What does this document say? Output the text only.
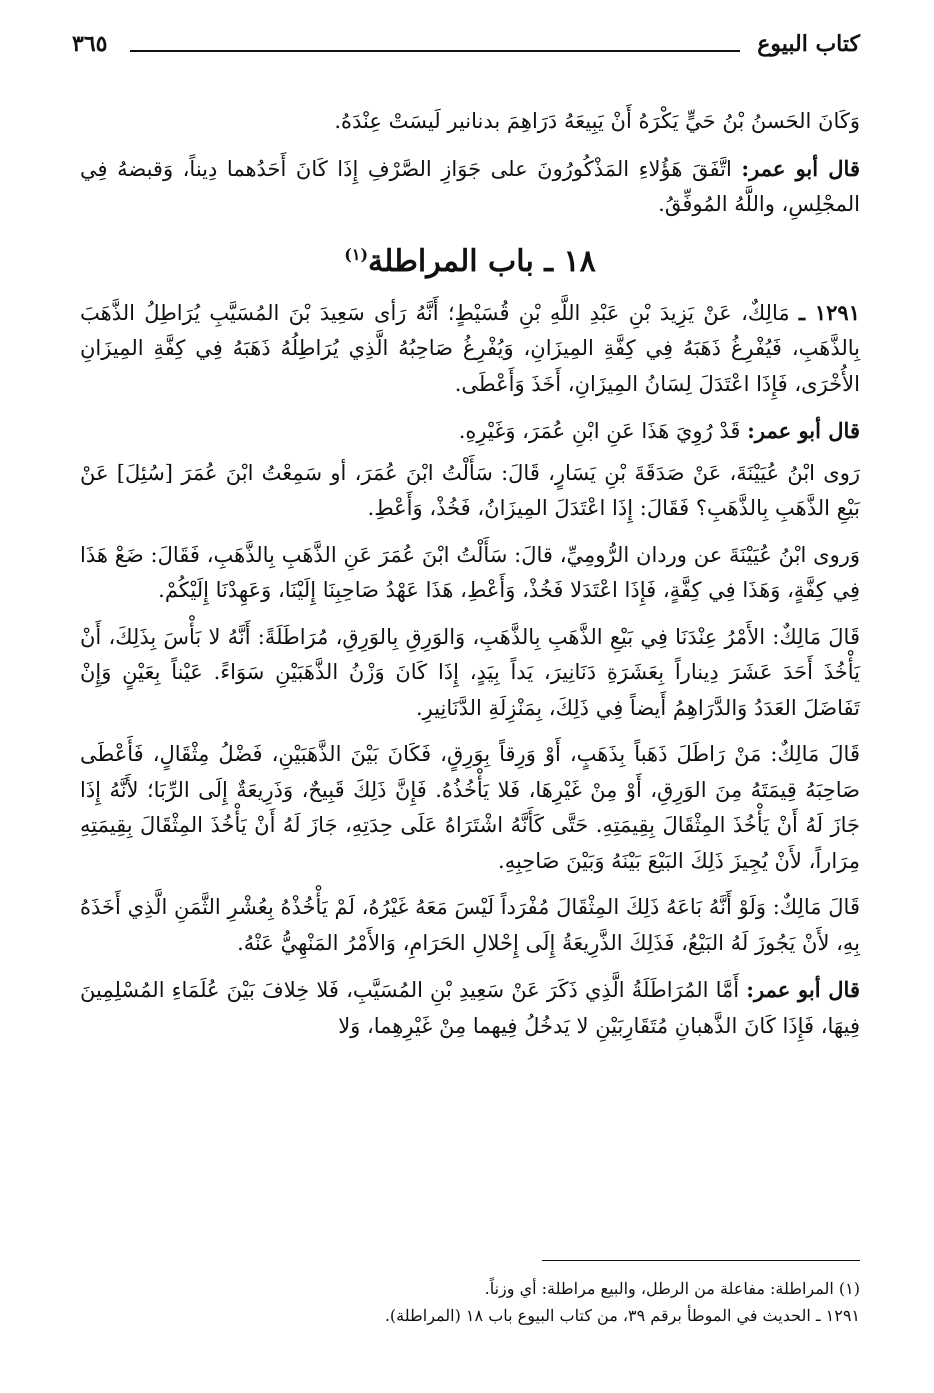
كتاب البيوع
٣٦٥

وَكَانَ الحَسنُ بْنُ حَيٍّ يَكْرَهُ أَنْ يَبِيعَهُ دَرَاهِمَ بدنانير لَيسَتْ عِنْدَهُ.

قال أبو عمر: اتَّفَقَ هَؤُلاءِ المَذْكُورُونَ على جَوَازِ الصَّرْفِ إِذَا كَانَ أَحَدُهما دِيناً، وَقبضهُ فِي المجْلِسِ، واللَّهُ المُوفِّقُ.

١٨ ـ باب المراطلة$^{(١)}$

١٢٩١ ـ مَالِكٌ، عَنْ يَزِيدَ بْنِ عَبْدِ اللَّهِ بْنِ قُسَيْطٍ؛ أَنَّهُ رَأى سَعِيدَ بْنَ المُسَيَّبِ يُرَاطِلُ الذَّهَبَ بِالذَّهَبِ، فَيُفْرِغُ ذَهَبَهُ فِي كِفَّةِ المِيزَانِ، وَيُفْرِغُ صَاحِبُهُ الَّذِي يُرَاطِلُهُ ذَهَبَهُ فِي كِفَّةِ المِيزَانِ الأُخْرَى، فَإِذَا اعْتَدَلَ لِسَانُ المِيزَانِ، أَخَذَ وَأَعْطَى.

قال أبو عمر: قَدْ رُوِيَ هَذَا عَنِ ابْنِ عُمَرَ، وَغَيْرِهِ.

رَوى ابْنُ عُيَيْنَةَ، عَنْ صَدَقَةَ بْنِ يَسَارٍ، قَالَ: سَأَلْتُ ابْنَ عُمَرَ، أو سَمِعْتُ ابْنَ عُمَرَ [سُئِلَ] عَنْ بَيْعِ الذَّهَبِ بِالذَّهَبِ؟ فَقَالَ: إِذَا اعْتَدَلَ المِيزَانُ، فَخُذْ، وَأَعْطِ.

وَروى ابْنُ عُيَيْنَةَ عن وردان الرُّومِيِّ، قالَ: سَأَلْتُ ابْنَ عُمَرَ عَنِ الذَّهَبِ بِالذَّهَبِ، فَقَالَ: ضَعْ هَذَا فِي كِفَّةٍ، وَهَذَا فِي كِفَّةٍ، فَإِذَا اعْتَدَلا فَخُذْ، وَأَعْطِ، هَذَا عَهْدُ صَاحِبِنَا إِلَيْنَا، وَعَهِدْنَا إِلَيْكُمْ.

قَالَ مَالِكٌ: الأَمْرُ عِنْدَنَا فِي بَيْعِ الذَّهَبِ بِالذَّهَبِ، وَالوَرِقِ بِالوَرِقِ، مُرَاطَلَةً: أَنَّهُ لا بَأْسَ بِذَلِكَ، أَنْ يَأْخُذَ أَحَدَ عَشَرَ دِيناراً بِعَشَرَةِ دَنَانِيرَ، يَداً بِيَدٍ، إِذَا كَانَ وَزْنُ الذَّهَبَيْنِ سَوَاءً. عَيْناً بِعَيْنٍ وَإِنْ تَفَاضَلَ العَدَدُ وَالدَّرَاهِمُ أَيضاً فِي ذَلِكَ، بِمَنْزِلَةِ الدَّنَانِيرِ.

قَالَ مَالِكٌ: مَنْ رَاطَلَ ذَهَباً بِذَهَبٍ، أَوْ وَرِقاً بِوَرِقٍ، فَكَانَ بَيْنَ الذَّهَبَيْنِ، فَضْلُ مِثْقَالٍ، فَأَعْطَى صَاحِبَهُ قِيمَتَهُ مِنَ الوَرِقِ، أَوْ مِنْ غَيْرِهَا، فَلا يَأْخُذُهُ. فَإِنَّ ذَلِكَ قَبِيحٌ، وَذَرِيعَةٌ إِلَى الرِّبَا؛ لأَنَّهُ إِذَا جَازَ لَهُ أَنْ يَأْخُذَ المِثْقَالَ بِقِيمَتِهِ. حَتَّى كَأَنَّهُ اشْتَرَاهُ عَلَى حِدَتِهِ، جَازَ لَهُ أَنْ يَأْخُذَ المِثْقَالَ بِقِيمَتِهِ مِرَاراً، لأَنْ يُجِيزَ ذَلِكَ البَيْعَ بَيْنَهُ وَبَيْنَ صَاحِبِهِ.

قَالَ مَالِكٌ: وَلَوْ أَنَّهُ بَاعَهُ ذَلِكَ المِثْقَالَ مُفْرَداً لَيْسَ مَعَهُ غَيْرُهُ، لَمْ يَأْخُذْهُ بِعُشْرِ الثَّمَنِ الَّذِي أَخَذَهُ بِهِ، لأَنْ يَجُوزَ لَهُ البَيْعُ، فَذَلِكَ الذَّرِيعَةُ إِلَى إِحْلالِ الحَرَامِ، وَالأَمْرُ المَنْهِيُّ عَنْهُ.

قال أبو عمر: أَمَّا المُرَاطَلَةُ الَّذِي ذَكَرَ عَنْ سَعِيدِ بْنِ المُسَيَّبِ، فَلا خِلافَ بَيْنَ عُلَمَاءِ المُسْلِمِينَ فِيهَا، فَإِذَا كَانَ الذَّهبانِ مُتَقَارِبَيْنِ لا يَدخُلُ فِيهما مِنْ غَيْرِهِما، وَلا

(١) المراطلة: مفاعلة من الرطل، والبيع مراطلة: أي وزناً.

١٢٩١ ـ الحديث في الموطأ برقم ٣٩، من كتاب البيوع باب ١٨ (المراطلة).
